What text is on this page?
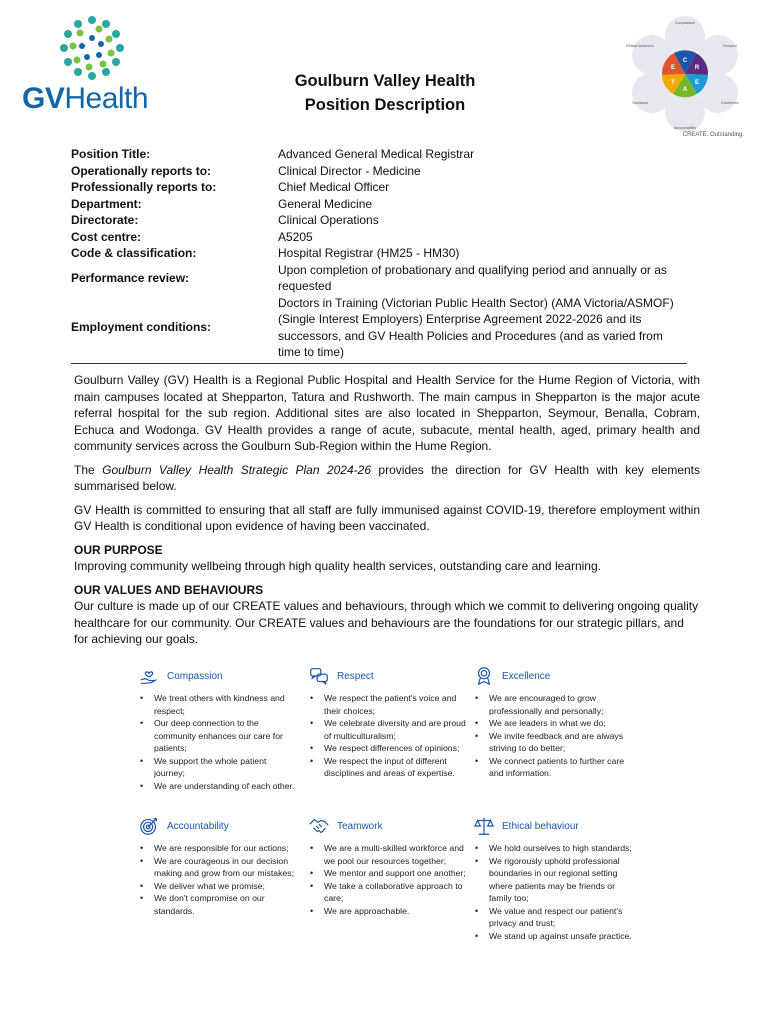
GVHealth
Goulburn Valley Health
Position Description
C
R
E
A
T
E
Compassion
Respect
Excellence
Accountability
Teamwork
Ethical behaviour
CREATE. Outstanding.
Position Title:	Advanced General Medical Registrar
Operationally reports to:	Clinical Director - Medicine
Professionally reports to:	Chief Medical Officer
Department:	General Medicine
Directorate:	Clinical Operations
Cost centre:	A5205
Code & classification:	Hospital Registrar (HM25 - HM30)
Performance review:
Upon completion of probationary and qualifying period and annually or as requested
Employment conditions:
Doctors in Training (Victorian Public Health Sector) (AMA Victoria/ASMOF) (Single Interest Employers) Enterprise Agreement 2022-2026 and its successors, and GV Health Policies and Procedures (and as varied from time to time)

Goulburn Valley (GV) Health is a Regional Public Hospital and Health Service for the Hume Region of Victoria, with main campuses located at Shepparton, Tatura and Rushworth. The main campus in Shepparton is the major acute referral hospital for the sub region. Additional sites are also located in Shepparton, Seymour, Benalla, Cobram, Echuca and Wodonga. GV Health provides a range of acute, subacute, mental health, aged, primary health and community services across the Goulburn Sub-Region within the Hume Region.

The Goulburn Valley Health Strategic Plan 2024-26 provides the direction for GV Health with key elements summarised below.

GV Health is committed to ensuring that all staff are fully immunised against COVID-19, therefore employment within GV Health is conditional upon evidence of having been vaccinated.

OUR PURPOSE

Improving community wellbeing through high quality health services, outstanding care and learning.

OUR VALUES AND BEHAVIOURS

Our culture is made up of our CREATE values and behaviours, through which we commit to delivering ongoing quality healthcare for our community. Our CREATE values and behaviours are the foundations for our strategic pillars, and for achieving our goals.

Compassion
• We treat others with kindness and respect;
• Our deep connection to the community enhances our care for patients;
• We support the whole patient journey;
• We are understanding of each other.
Respect
• We respect the patient's voice and their choices;
• We celebrate diversity and are proud of multiculturalism;
• We respect differences of opinions;
• We respect the input of different disciplines and areas of expertise.
Excellence
• We are encouraged to grow professionally and personally;
• We are leaders in what we do;
• We invite feedback and are always striving to do better;
• We connect patients to further care and information.
Accountability
• We are responsible for our actions;
• We are courageous in our decision making and grow from our mistakes;
• We deliver what we promise;
• We don't compromise on our standards.
Teamwork
• We are a multi-skilled workforce and we pool our resources together;
• We mentor and support one another;
• We take a collaborative approach to care;
• We are approachable.
Ethical behaviour
• We hold ourselves to high standards;
• We rigorously uphold professional boundaries in our regional setting where patients may be friends or family too;
• We value and respect our patient's privacy and trust;
• We stand up against unsafe practice.
